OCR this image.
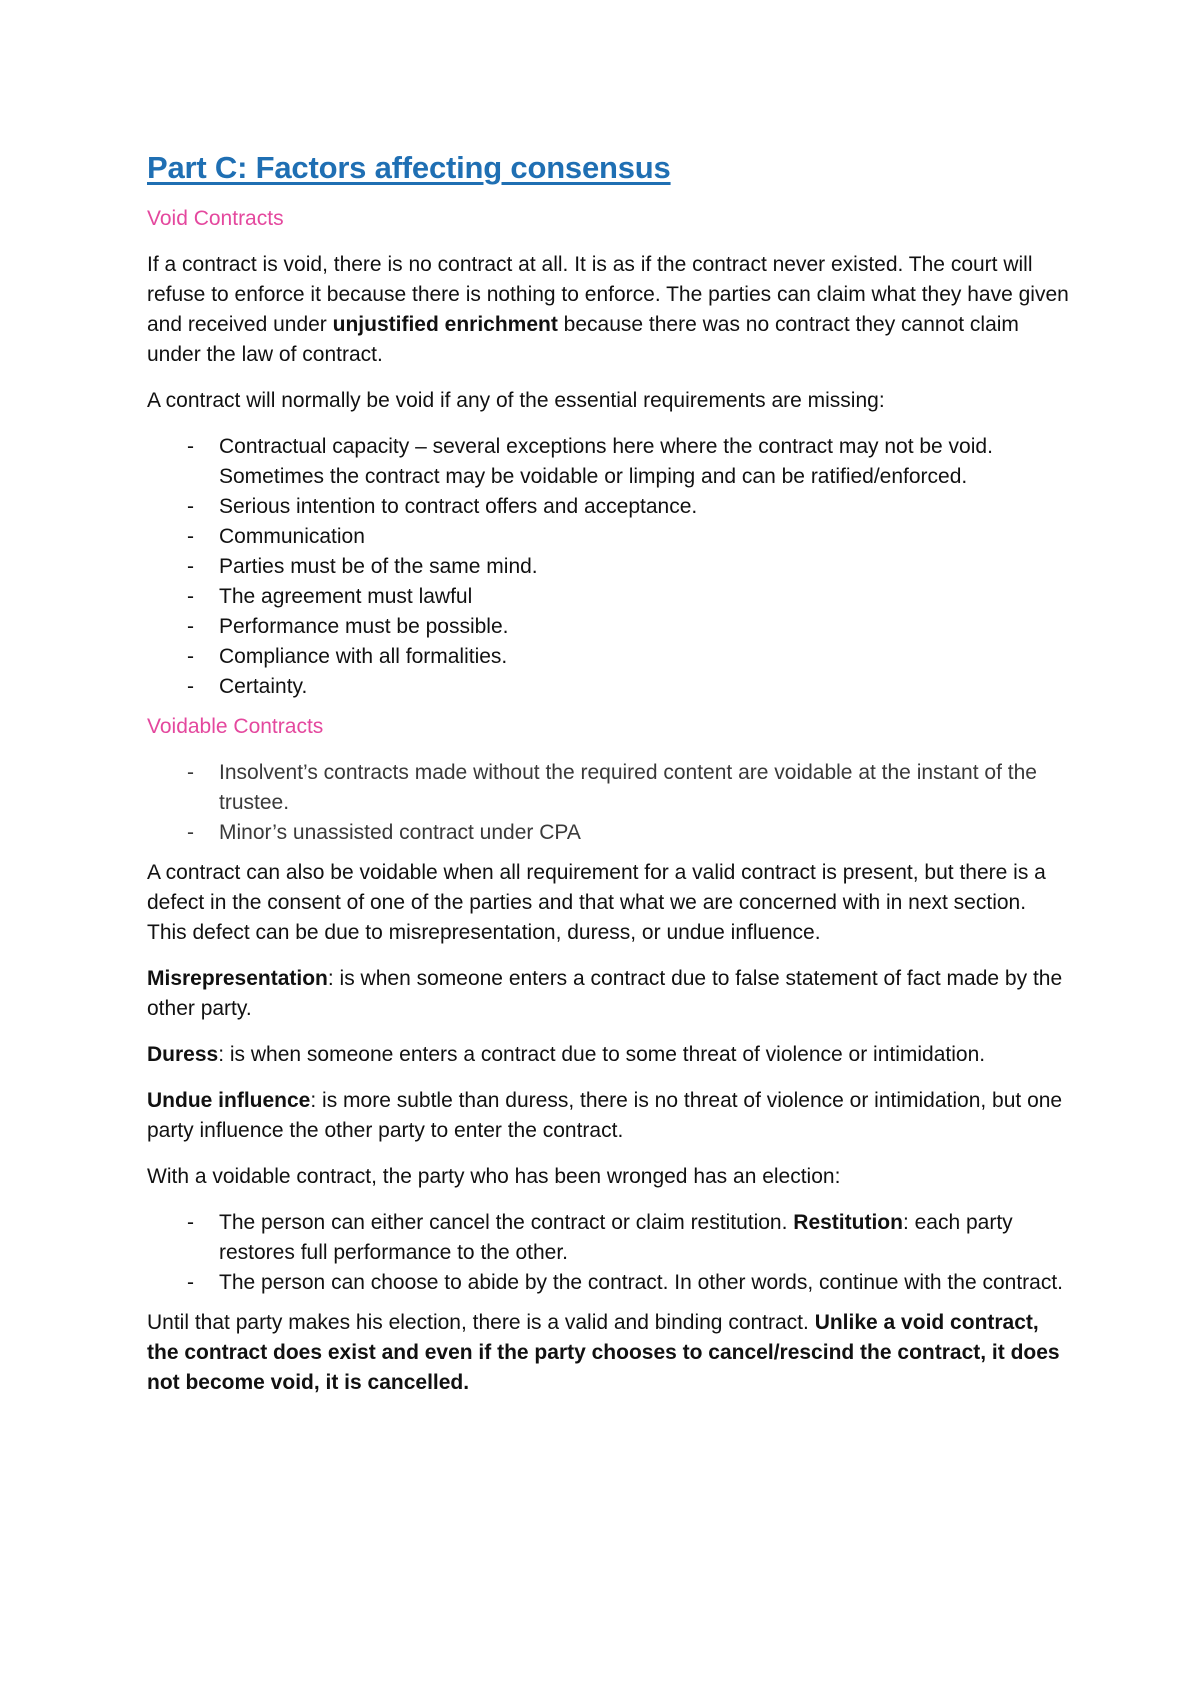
Part C: Factors affecting consensus
Void Contracts

If a contract is void, there is no contract at all. It is as if the contract never existed. The court will refuse to enforce it because there is nothing to enforce. The parties can claim what they have given and received under unjustified enrichment because there was no contract they cannot claim under the law of contract.

A contract will normally be void if any of the essential requirements are missing:

- Contractual capacity – several exceptions here where the contract may not be void. Sometimes the contract may be voidable or limping and can be ratified/enforced.
- Serious intention to contract offers and acceptance.
- Communication
- Parties must be of the same mind.
- The agreement must lawful
- Performance must be possible.
- Compliance with all formalities.
- Certainty.
Voidable Contracts
- Insolvent’s contracts made without the required content are voidable at the instant of the trustee.
- Minor’s unassisted contract under CPA

A contract can also be voidable when all requirement for a valid contract is present, but there is a defect in the consent of one of the parties and that what we are concerned with in next section. This defect can be due to misrepresentation, duress, or undue influence.

Misrepresentation: is when someone enters a contract due to false statement of fact made by the other party.

Duress: is when someone enters a contract due to some threat of violence or intimidation.

Undue influence: is more subtle than duress, there is no threat of violence or intimidation, but one party influence the other party to enter the contract.

With a voidable contract, the party who has been wronged has an election:

- The person can either cancel the contract or claim restitution. Restitution: each party restores full performance to the other.
- The person can choose to abide by the contract. In other words, continue with the contract.

Until that party makes his election, there is a valid and binding contract. Unlike a void contract, the contract does exist and even if the party chooses to cancel/rescind the contract, it does not become void, it is cancelled.
